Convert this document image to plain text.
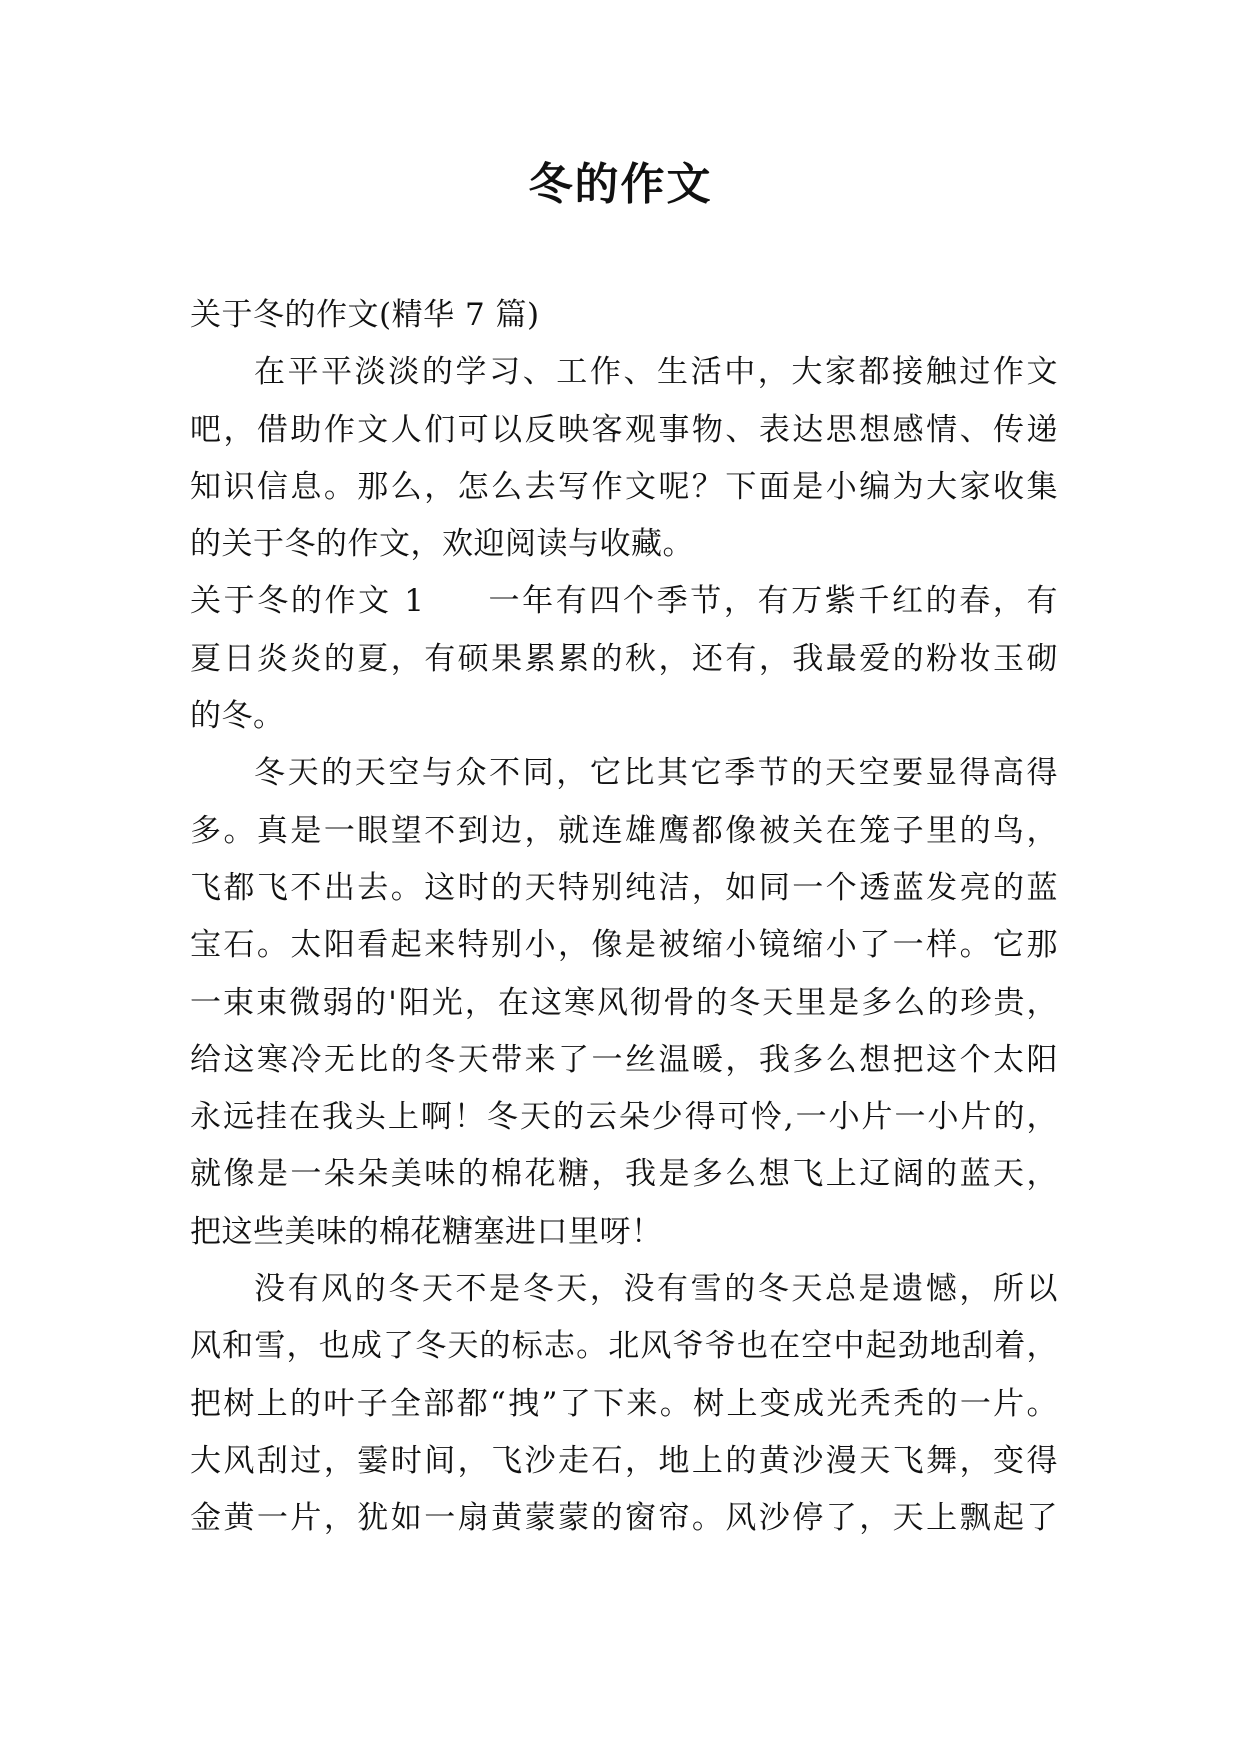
冬的作文
关于冬的作文(精华 7 篇)
在平平淡淡的学习、工作、生活中，大家都接触过作文
吧，借助作文人们可以反映客观事物、表达思想感情、传递
知识信息。那么，怎么去写作文呢？下面是小编为大家收集
的关于冬的作文，欢迎阅读与收藏。
关于冬的作文 1 一年有四个季节，有万紫千红的春，有
夏日炎炎的夏，有硕果累累的秋，还有，我最爱的粉妆玉砌
的冬。
冬天的天空与众不同，它比其它季节的天空要显得高得
多。真是一眼望不到边，就连雄鹰都像被关在笼子里的鸟，
飞都飞不出去。这时的天特别纯洁，如同一个透蓝发亮的蓝
宝石。太阳看起来特别小，像是被缩小镜缩小了一样。它那
一束束微弱的'阳光，在这寒风彻骨的冬天里是多么的珍贵，
给这寒冷无比的冬天带来了一丝温暖，我多么想把这个太阳
永远挂在我头上啊！冬天的云朵少得可怜,一小片一小片的，
就像是一朵朵美味的棉花糖，我是多么想飞上辽阔的蓝天，
把这些美味的棉花糖塞进口里呀！
没有风的冬天不是冬天，没有雪的冬天总是遗憾，所以
风和雪，也成了冬天的标志。北风爷爷也在空中起劲地刮着，
把树上的叶子全部都“拽”了下来。树上变成光秃秃的一片。
大风刮过，霎时间，飞沙走石，地上的黄沙漫天飞舞，变得
金黄一片，犹如一扇黄蒙蒙的窗帘。风沙停了，天上飘起了
